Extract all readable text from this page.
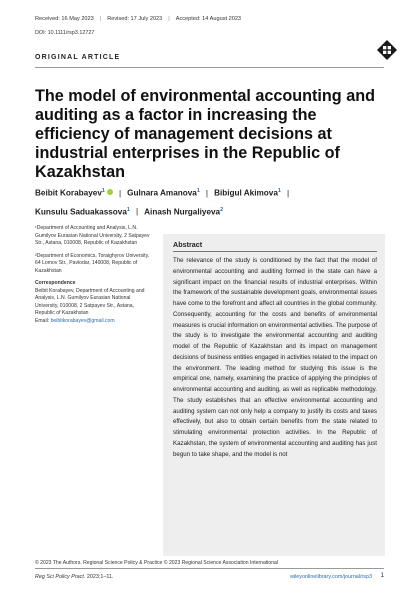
Received: 16 May 2023 | Revised: 17 July 2023 | Accepted: 14 August 2023
DOI: 10.1111/rsp3.12727
ORIGINAL ARTICLE
The model of environmental accounting and auditing as a factor in increasing the efficiency of management decisions at industrial enterprises in the Republic of Kazakhstan
Beibit Korabayev$^1$ | Gulnara Amanova$^1$ | Bibigul Akimova$^1$ |
Kunsulu Saduakassova$^1$ | Ainash Nurgaliyeva$^2$

¹Department of Accounting and Analysis, L.N. Gumilyov Eurasian National University, 2 Satpayev Str., Astana, 010008, Republic of Kazakhstan

²Department of Economics, Toraighyrov University, 64 Lomov Str., Pavlodar, 140008, Republic of Kazakhstan

Correspondence
Beibit Korabayev, Department of Accounting and Analysis, L.N. Gumilyov Eurasian National University, 010008, 2 Satpayev Str., Astana, Republic of Kazakhstan
Email: beibitkorabayev@gmail.com
Abstract
The relevance of the study is conditioned by the fact that the model of environmental accounting and auditing formed in the state can have a significant impact on the financial results of industrial enterprises. Within the framework of the sustainable development goals, environmental issues have come to the forefront and affect all countries in the global community. Consequently, accounting for the costs and benefits of environmental measures is crucial information on environmental activities. The purpose of the study is to investigate the environmental accounting and auditing model of the Republic of Kazakhstan and its impact on management decisions of business entities engaged in activities related to the impact on the environment. The leading method for studying this issue is the empirical one, namely, examining the practice of applying the principles of environmental accounting and auditing, as well as replicable methodology. The study establishes that an effective environmental accounting and auditing system can not only help a company to justify its costs and taxes effectively, but also to obtain certain benefits from the state related to stimulating environmental protection activities. In the Republic of Kazakhstan, the system of environmental accounting and auditing has just begun to take shape, and the model is not
© 2023 The Authors. Regional Science Policy & Practice © 2023 Regional Science Association International
Reg Sci Policy Pract. 2023;1–11.	wileyonlinelibrary.com/journal/rsp3 1
